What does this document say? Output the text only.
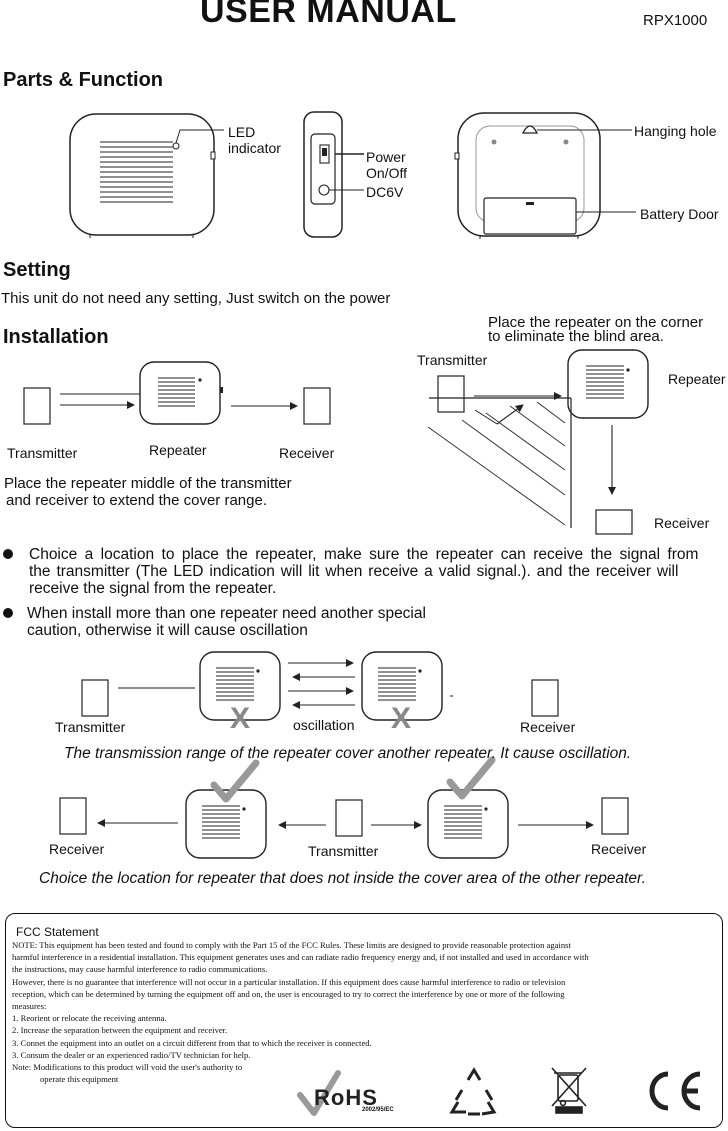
USER MANUAL	RPX1000
Parts & Function
LED
indicator
Power
On/Off
DC6V
Hanging hole
Battery Door
Setting
This unit do not need any setting, Just switch on the power
Installation
Place the repeater on the corner
to eliminate the blind area.
Transmitter	Repeater	Receiver
Place the repeater middle of the transmitter
and receiver to extend the cover range.
Transmitter
Repeater
Receiver
Choice a location to place the repeater, make sure the repeater can receive the signal from
the transmitter (The LED indication will lit when receive a valid signal.). and the receiver will
receive the signal from the repeater.
When install more than one repeater need another special
caution, otherwise it will cause oscillation
Transmitter	oscillation	Receiver
X	X
The transmission range of the repeater cover another repeater. It cause oscillation.
Receiver	Transmitter	Receiver
Choice the location for repeater that does not inside the cover area of the other repeater.
FCC Statement
NOTE: This equipment has been tested and found to comply with the Part 15 of the FCC Rules. These limits are designed to provide reasonable protection against
harmful interference in a residential installation. This equipment generates uses and can radiate radio frequency energy and, if not installed and used in accordance with
the instructions, may cause harmful interference to radio communications.
However, there is no guarantee that interference will not occur in a particular installation. If this equipment does cause harmful interference to radio or television
reception, which can be determined by turning the equipment off and on, the user is encouraged to try to correct the interference by one or more of the following
measures:
1. Reorient or relocate the receiving antenna.
2. Increase the separation between the equipment and receiver.
3. Connet the equipment into an outlet on a circuit different from that to which the receiver is connected.
3. Consum the dealer or an experienced radio/TV technician for help.
Note: Modifications to this product will void the user's authority to
operate this equipment
RoHS
2002/95/EC
